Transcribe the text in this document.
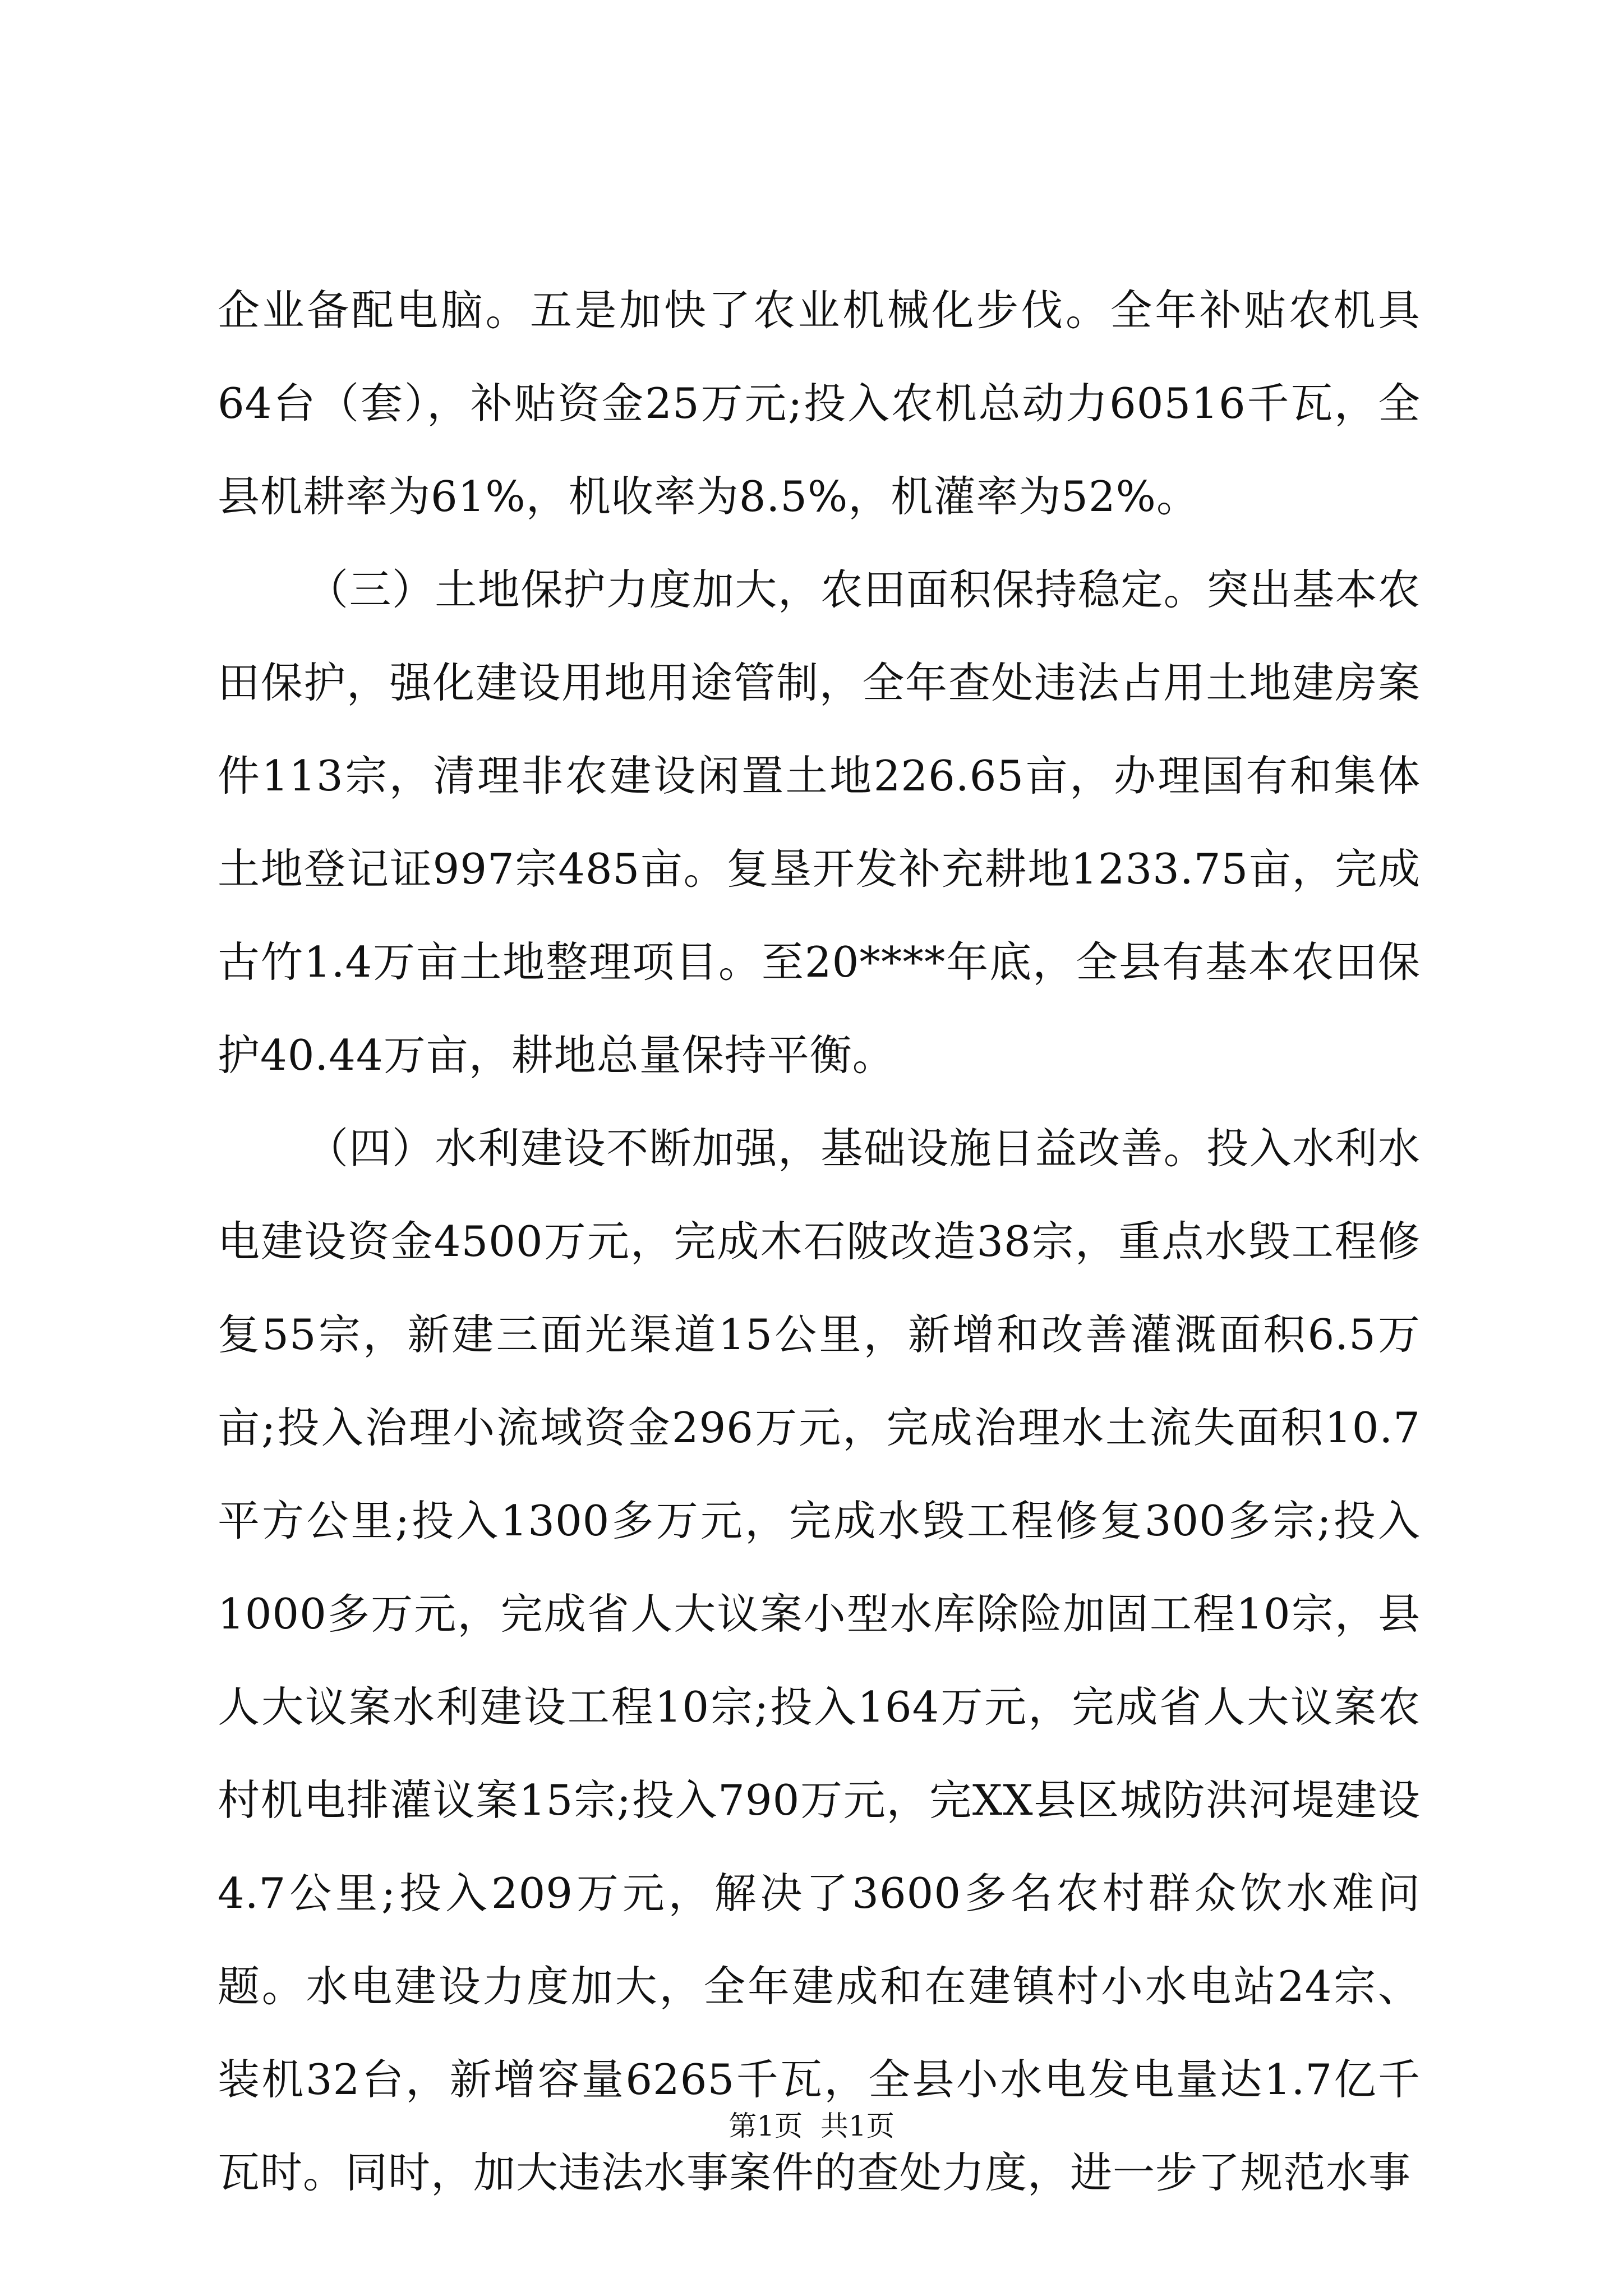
企业备配电脑。五是加快了农业机械化步伐。全年补贴农机具64台（套），补贴资金25万元;投入农机总动力60516千瓦，全县机耕率为61%，机收率为8.5%，机灌率为52%。

（三）土地保护力度加大，农田面积保持稳定。突出基本农田保护，强化建设用地用途管制，全年查处违法占用土地建房案件113宗，清理非农建设闲置土地226.65亩，办理国有和集体土地登记证997宗485亩。复垦开发补充耕地1233.75亩，完成古竹1.4万亩土地整理项目。至20****年底，全县有基本农田保护40.44万亩，耕地总量保持平衡。

（四）水利建设不断加强，基础设施日益改善。投入水利水电建设资金4500万元，完成木石陂改造38宗，重点水毁工程修复55宗，新建三面光渠道15公里，新增和改善灌溉面积6.5万亩;投入治理小流域资金296万元，完成治理水土流失面积10.7平方公里;投入1300多万元，完成水毁工程修复300多宗;投入1000多万元，完成省人大议案小型水库除险加固工程10宗，县人大议案水利建设工程10宗;投入164万元，完成省人大议案农村机电排灌议案15宗;投入790万元，完XX县区城防洪河堤建设4.7公里;投入209万元，解决了3600多名农村群众饮水难问题。水电建设力度加大，全年建成和在建镇村小水电站24宗、装机32台，新增容量6265千瓦，全县小水电发电量达1.7亿千瓦时。同时，加大违法水事案件的查处力度，进一步了规范水事

第1页  共1页
